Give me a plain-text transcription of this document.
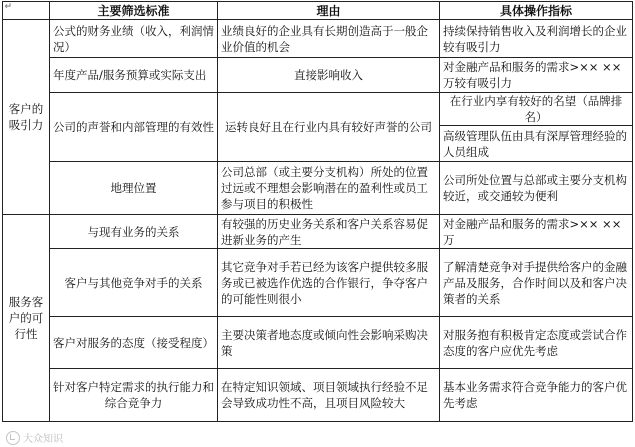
↵	主要筛选标准	理由	具体操作指标
客户的吸引力	公式的财务业绩（收入，利润情况）	业绩良好的企业具有长期创造高于一般企业价值的机会	持续保持销售收入及利润增长的企业较有吸引力
	年度产品/服务预算或实际支出	直接影响收入	对金融产品和服务的需求>×× ××万较有吸引力
	公司的声誉和内部管理的有效性	运转良好且在行业内具有较好声誉的公司	在行业内享有较好的名望（品牌排名）
			高级管理队伍由具有深厚管理经验的人员组成
	地理位置	公司总部（或主要分支机构）所处的位置过远或不理想会影响潜在的盈利性或员工参与项目的积极性	公司所处位置与总部或主要分支机构较近，或交通较为便利
服务客户的可行性	与现有业务的关系	有较强的历史业务关系和客户关系容易促进新业务的产生	对金融产品和服务的需求>×× ××万
	客户与其他竞争对手的关系	其它竞争对手若已经为该客户提供较多服务或已被选作优选的合作银行，争夺客户的可能性则很小	了解清楚竞争对手提供给客户的金融产品及服务，合作时间以及和客户决策者的关系
	客户对服务的态度（接受程度）	主要决策者地态度或倾向性会影响采购决策	对服务抱有积极肯定态度或尝试合作态度的客户应优先考虑
	针对客户特定需求的执行能力和综合竞争力	在特定知识领域、项目领域执行经验不足会导致成功性不高，且项目风险较大	基本业务需求符合竞争能力的客户优先考虑
大众知识
